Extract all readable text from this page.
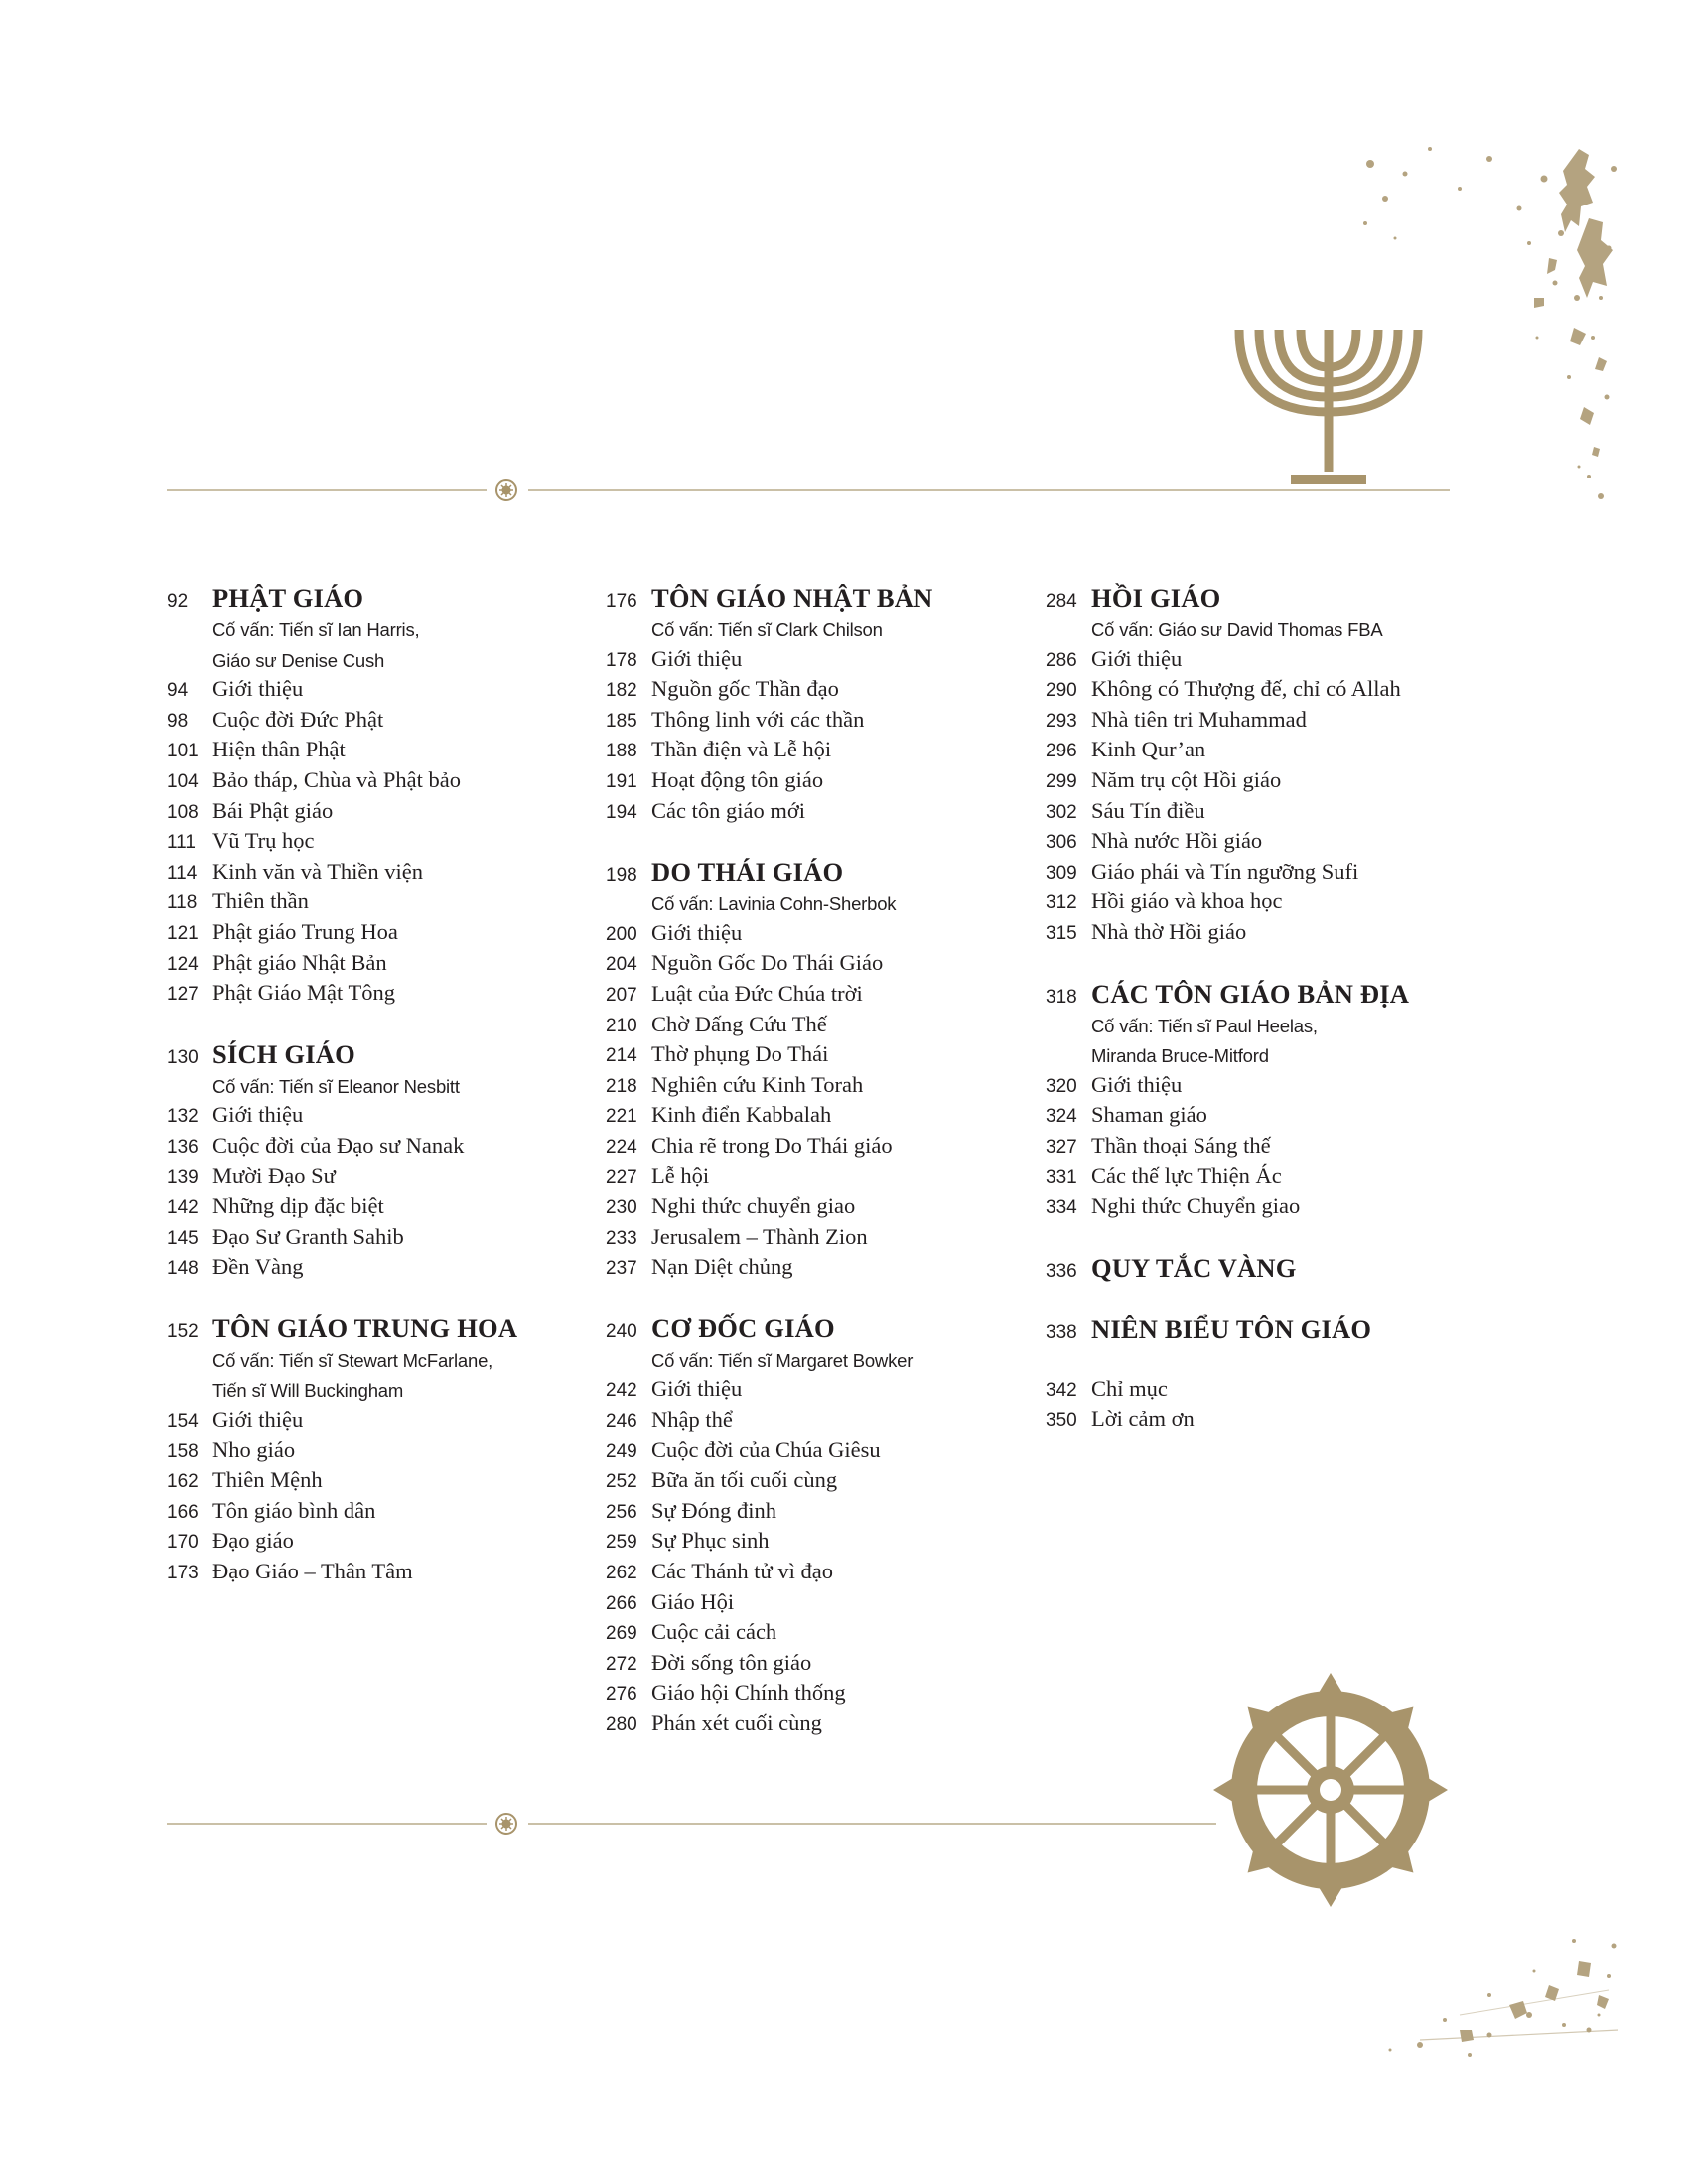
92 PHẬT GIÁO
Cố vấn: Tiến sĩ Ian Harris,
Giáo sư Denise Cush
94	Giới thiệu
98	Cuộc đời Đức Phật
101 Hiện thân Phật
104 Bảo tháp, Chùa và Phật bảo
108 Bái Phật giáo
111 Vũ Trụ học
114 Kinh văn và Thiền viện
118 Thiên thần
121 Phật giáo Trung Hoa
124 Phật giáo Nhật Bản
127 Phật Giáo Mật Tông
130 SÍCH GIÁO
Cố vấn: Tiến sĩ Eleanor Nesbitt
132 Giới thiệu
136 Cuộc đời của Đạo sư Nanak
139 Mười Đạo Sư
142 Những dịp đặc biệt
145 Đạo Sư Granth Sahib
148 Đền Vàng
152 TÔN GIÁO TRUNG HOA
Cố vấn: Tiến sĩ Stewart McFarlane,
Tiến sĩ Will Buckingham
154 Giới thiệu
158 Nho giáo
162 Thiên Mệnh
166 Tôn giáo bình dân
170 Đạo giáo
173 Đạo Giáo – Thân Tâm
176 TÔN GIÁO NHẬT BẢN
Cố vấn: Tiến sĩ Clark Chilson
178 Giới thiệu
182 Nguồn gốc Thần đạo
185 Thông linh với các thần
188 Thần điện và Lễ hội
191 Hoạt động tôn giáo
194 Các tôn giáo mới
198 DO THÁI GIÁO
Cố vấn: Lavinia Cohn-Sherbok
200 Giới thiệu
204 Nguồn Gốc Do Thái Giáo
207 Luật của Đức Chúa trời
210 Chờ Đấng Cứu Thế
214 Thờ phụng Do Thái
218 Nghiên cứu Kinh Torah
221 Kinh điển Kabbalah
224 Chia rẽ trong Do Thái giáo
227 Lễ hội
230 Nghi thức chuyển giao
233 Jerusalem – Thành Zion
237 Nạn Diệt chủng
240 CƠ ĐỐC GIÁO
Cố vấn: Tiến sĩ Margaret Bowker
242 Giới thiệu
246 Nhập thể
249 Cuộc đời của Chúa Giêsu
252 Bữa ăn tối cuối cùng
256 Sự Đóng đinh
259 Sự Phục sinh
262 Các Thánh tử vì đạo
266 Giáo Hội
269 Cuộc cải cách
272 Đời sống tôn giáo
276 Giáo hội Chính thống
280 Phán xét cuối cùng
284 HỒI GIÁO
Cố vấn: Giáo sư David Thomas FBA
286 Giới thiệu
290 Không có Thượng đế, chỉ có Allah
293 Nhà tiên tri Muhammad
296 Kinh Qur’an
299 Năm trụ cột Hồi giáo
302 Sáu Tín điều
306 Nhà nước Hồi giáo
309 Giáo phái và Tín ngưỡng Sufi
312 Hồi giáo và khoa học
315 Nhà thờ Hồi giáo
318 CÁC TÔN GIÁO BẢN ĐỊA
Cố vấn: Tiến sĩ Paul Heelas,
Miranda Bruce-Mitford
320 Giới thiệu
324 Shaman giáo
327 Thần thoại Sáng thế
331 Các thế lực Thiện Ác
334 Nghi thức Chuyển giao
336 QUY TẮC VÀNG
338 NIÊN BIỂU TÔN GIÁO
342 Chỉ mục
350 Lời cảm ơn
